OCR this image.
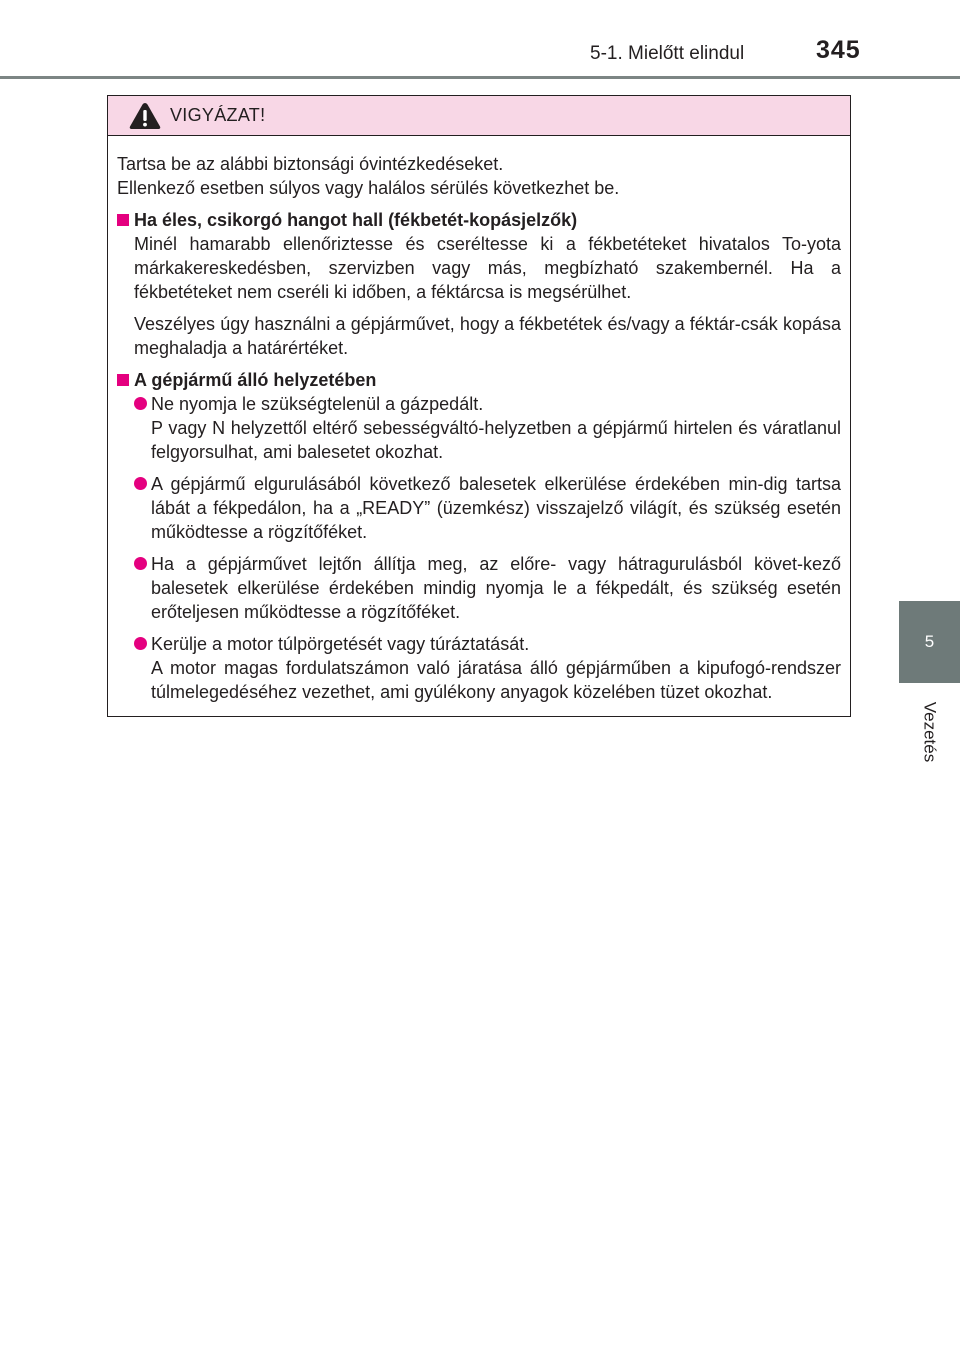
5-1. Mielőtt elindul	345
5
Vezetés
VIGYÁZAT!

Tartsa be az alábbi biztonsági óvintézkedéseket.

Ellenkező esetben súlyos vagy halálos sérülés következhet be.

Ha éles, csikorgó hangot hall (fékbetét-kopásjelzők)

Minél hamarabb ellenőriztesse és cseréltesse ki a fékbetéteket hivatalos To-yota márkakereskedésben, szervizben vagy más, megbízható szakembernél. Ha a fékbetéteket nem cseréli ki időben, a féktárcsa is megsérülhet.

Veszélyes úgy használni a gépjárművet, hogy a fékbetétek és/vagy a féktár-csák kopása meghaladja a határértéket.

A gépjármű álló helyzetében
Ne nyomja le szükségtelenül a gázpedált.
P vagy N helyzettől eltérő sebességváltó-helyzetben a gépjármű hirtelen és váratlanul felgyorsulhat, ami balesetet okozhat.
A gépjármű elgurulásából következő balesetek elkerülése érdekében min-dig tartsa lábát a fékpedálon, ha a „READY” (üzemkész) visszajelző világít, és szükség esetén működtesse a rögzítőféket.
Ha a gépjárművet lejtőn állítja meg, az előre- vagy hátragurulásból követ-kező balesetek elkerülése érdekében mindig nyomja le a fékpedált, és szükség esetén erőteljesen működtesse a rögzítőféket.
Kerülje a motor túlpörgetését vagy túráztatását.
A motor magas fordulatszámon való járatása álló gépjárműben a kipufogó-rendszer túlmelegedéséhez vezethet, ami gyúlékony anyagok közelében tüzet okozhat.
